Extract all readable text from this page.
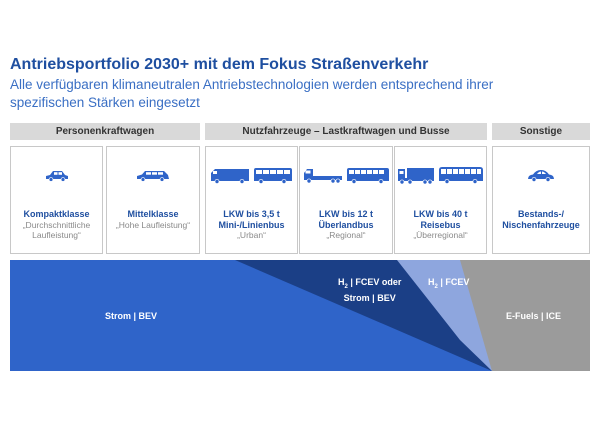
Antriebsportfolio 2030+ mit dem Fokus Straßenverkehr
Alle verfügbaren klimaneutralen Antriebstechnologien werden entsprechend ihrer spezifischen Stärken eingesetzt
Personenkraftwagen	Nutzfahrzeuge – Lastkraftwagen und Busse	Sonstige
Kompaktklasse
„Durchschnittliche Laufleistung“
Mittelklasse
„Hohe Laufleistung“
LKW bis 3,5 t
Mini-/Linienbus
„Urban“
LKW bis 12 t
Überlandbus
„Regional“
LKW bis 40 t
Reisebus
„Überregional“
Bestands-/
Nischenfahrzeuge
Strom | BEV
$H_2$ | FCEV oder
Strom | BEV
$H_2$ | FCEV
E-Fuels | ICE
